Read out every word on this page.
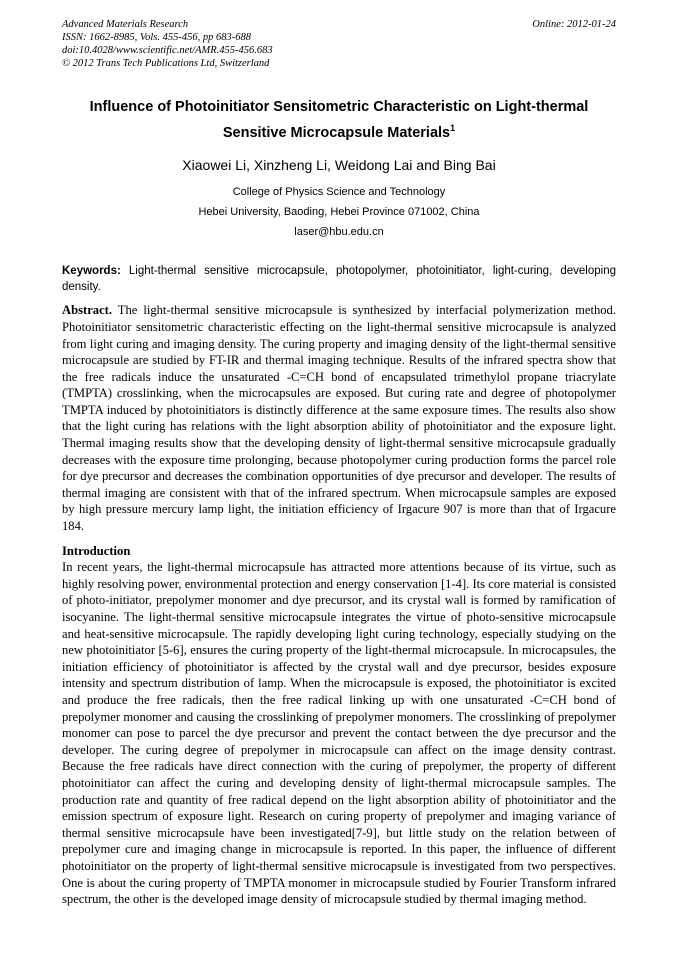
Advanced Materials Research
ISSN: 1662-8985, Vols. 455-456, pp 683-688
doi:10.4028/www.scientific.net/AMR.455-456.683
© 2012 Trans Tech Publications Ltd, Switzerland
Online: 2012-01-24
Influence of Photoinitiator Sensitometric Characteristic on Light-thermal Sensitive Microcapsule Materials$^1$
Xiaowei Li, Xinzheng Li, Weidong Lai and Bing Bai
College of Physics Science and Technology
Hebei University, Baoding, Hebei Province 071002, China
laser@hbu.edu.cn
Keywords: Light-thermal sensitive microcapsule, photopolymer, photoinitiator, light-curing, developing density.
Abstract. The light-thermal sensitive microcapsule is synthesized by interfacial polymerization method. Photoinitiator sensitometric characteristic effecting on the light-thermal sensitive microcapsule is analyzed from light curing and imaging density. The curing property and imaging density of the light-thermal sensitive microcapsule are studied by FT-IR and thermal imaging technique. Results of the infrared spectra show that the free radicals induce the unsaturated -C=CH bond of encapsulated trimethylol propane triacrylate (TMPTA) crosslinking, when the microcapsules are exposed. But curing rate and degree of photopolymer TMPTA induced by photoinitiators is distinctly difference at the same exposure times. The results also show that the light curing has relations with the light absorption ability of photoinitiator and the exposure light. Thermal imaging results show that the developing density of light-thermal sensitive microcapsule gradually decreases with the exposure time prolonging, because photopolymer curing production forms the parcel role for dye precursor and decreases the combination opportunities of dye precursor and developer. The results of thermal imaging are consistent with that of the infrared spectrum. When microcapsule samples are exposed by high pressure mercury lamp light, the initiation efficiency of Irgacure 907 is more than that of Irgacure 184.
Introduction
In recent years, the light-thermal microcapsule has attracted more attentions because of its virtue, such as highly resolving power, environmental protection and energy conservation [1-4]. Its core material is consisted of photo-initiator, prepolymer monomer and dye precursor, and its crystal wall is formed by ramification of isocyanine. The light-thermal sensitive microcapsule integrates the virtue of photo-sensitive microcapsule and heat-sensitive microcapsule. The rapidly developing light curing technology, especially studying on the new photoinitiator [5-6], ensures the curing property of the light-thermal microcapsule. In microcapsules, the initiation efficiency of photoinitiator is affected by the crystal wall and dye precursor, besides exposure intensity and spectrum distribution of lamp. When the microcapsule is exposed, the photoinitiator is excited and produce the free radicals, then the free radical linking up with one unsaturated -C=CH bond of prepolymer monomer and causing the crosslinking of prepolymer monomers. The crosslinking of prepolymer monomer can pose to parcel the dye precursor and prevent the contact between the dye precursor and the developer. The curing degree of prepolymer in microcapsule can affect on the image density contrast. Because the free radicals have direct connection with the curing of prepolymer, the property of different photoinitiator can affect the curing and developing density of light-thermal microcapsule samples. The production rate and quantity of free radical depend on the light absorption ability of photoinitiator and the emission spectrum of exposure light. Research on curing property of prepolymer and imaging variance of thermal sensitive microcapsule have been investigated[7-9], but little study on the relation between of prepolymer cure and imaging change in microcapsule is reported. In this paper, the influence of different photoinitiator on the property of light-thermal sensitive microcapsule is investigated from two perspectives. One is about the curing property of TMPTA monomer in microcapsule studied by Fourier Transform infrared spectrum, the other is the developed image density of microcapsule studied by thermal imaging method.
